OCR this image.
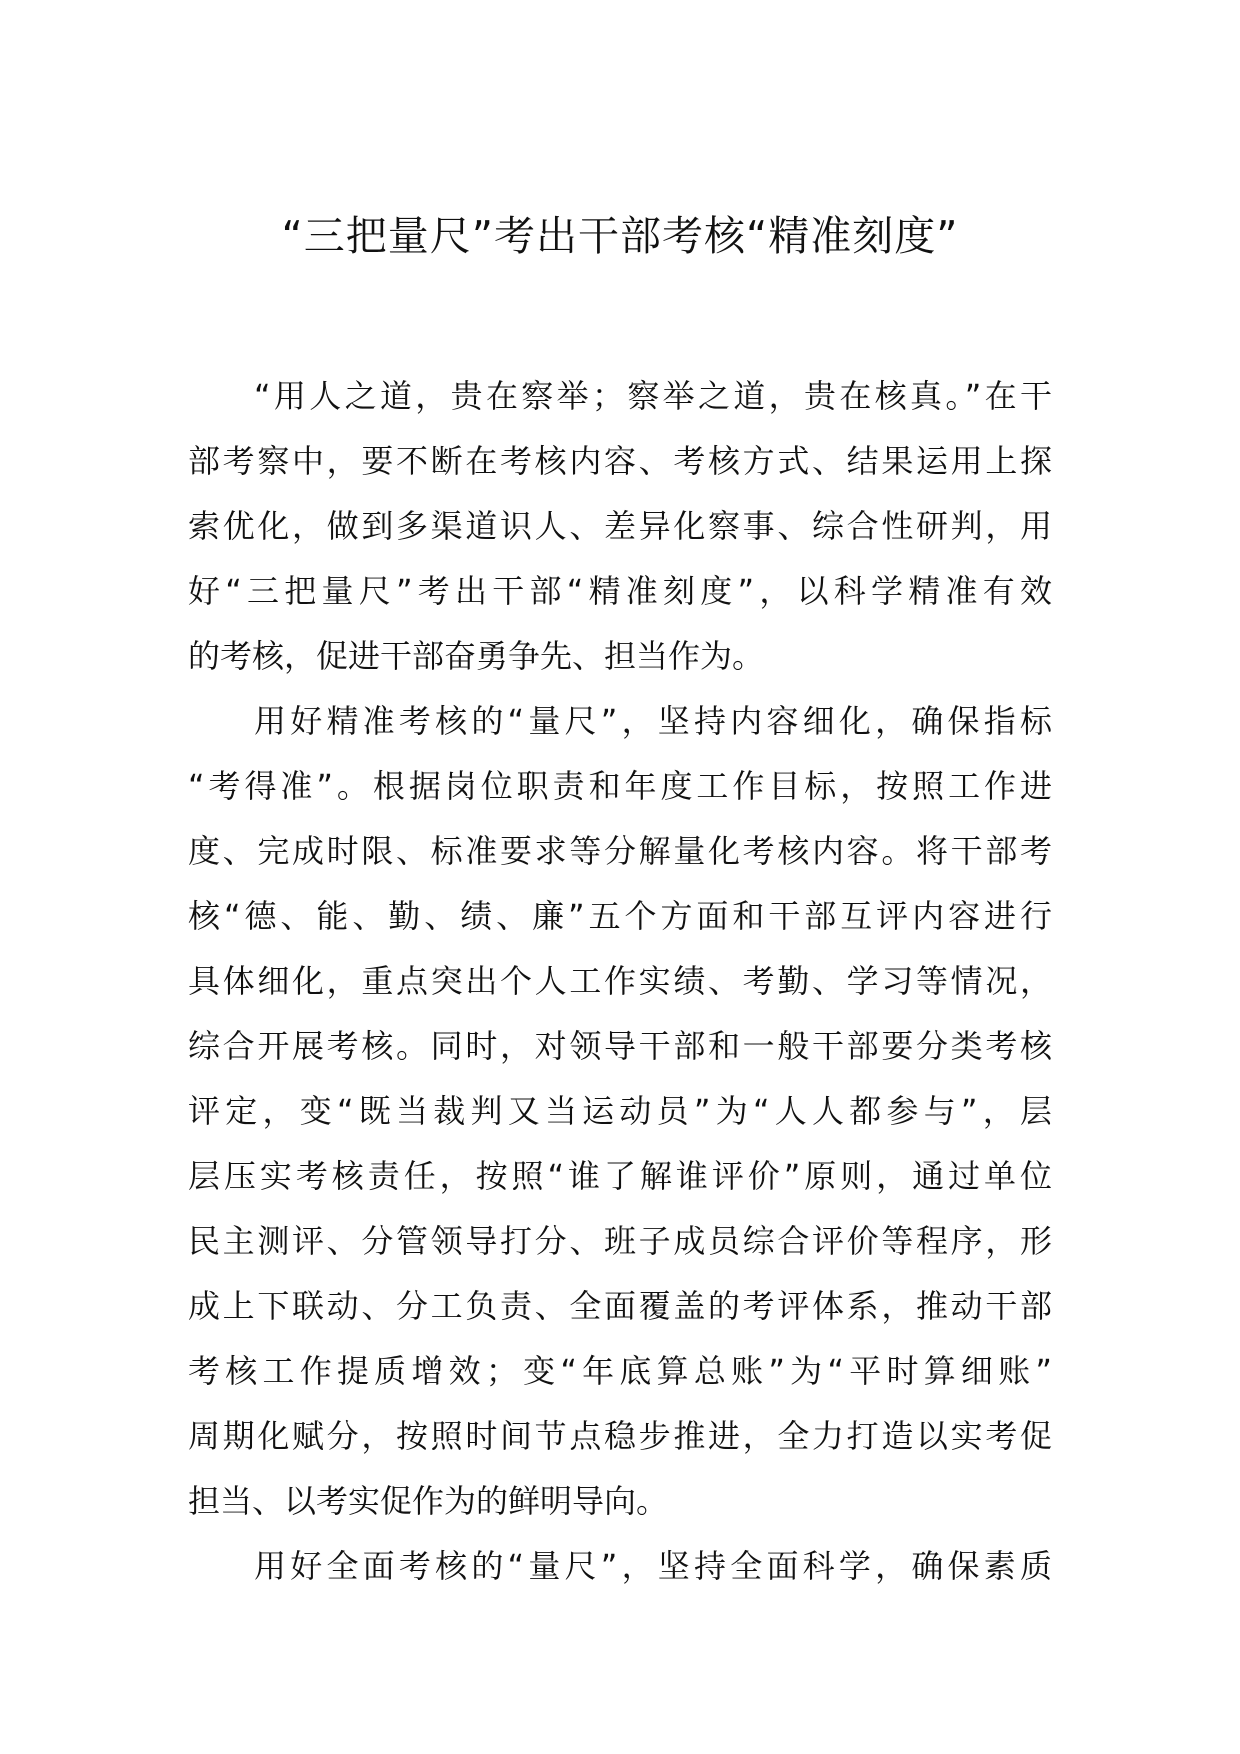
“三把量尺”考出干部考核“精准刻度”

“用人之道，贵在察举；察举之道，贵在核真。”在干
部考察中，要不断在考核内容、考核方式、结果运用上探
索优化，做到多渠道识人、差异化察事、综合性研判，用
好“三把量尺”考出干部“精准刻度”，以科学精准有效
的考核，促进干部奋勇争先、担当作为。

用好精准考核的“量尺”，坚持内容细化，确保指标
“考得准”。根据岗位职责和年度工作目标，按照工作进
度、完成时限、标准要求等分解量化考核内容。将干部考
核“德、能、勤、绩、廉”五个方面和干部互评内容进行
具体细化，重点突出个人工作实绩、考勤、学习等情况，
综合开展考核。同时，对领导干部和一般干部要分类考核
评定，变“既当裁判又当运动员”为“人人都参与”，层
层压实考核责任，按照“谁了解谁评价”原则，通过单位
民主测评、分管领导打分、班子成员综合评价等程序，形
成上下联动、分工负责、全面覆盖的考评体系，推动干部
考核工作提质增效；变“年底算总账”为“平时算细账”
周期化赋分，按照时间节点稳步推进，全力打造以实考促
担当、以考实促作为的鲜明导向。

用好全面考核的“量尺”，坚持全面科学，确保素质
